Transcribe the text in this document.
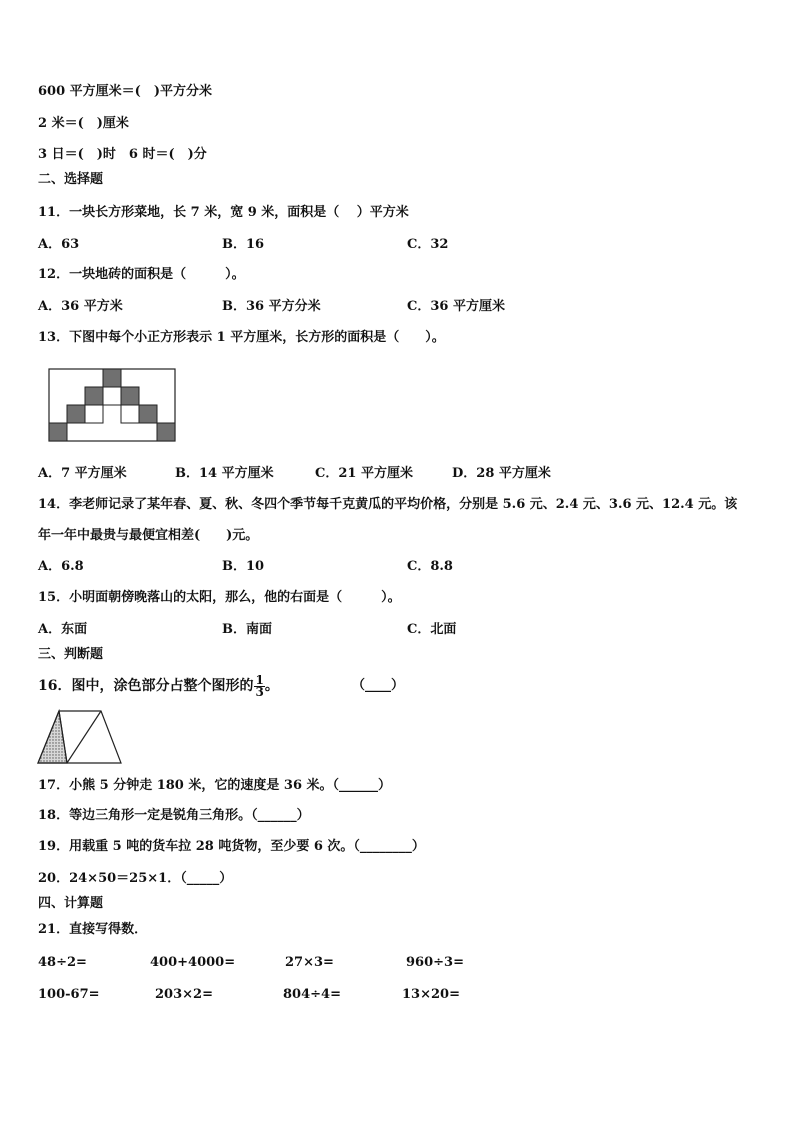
600 平方厘米＝(　)平方分米
2 米＝(　)厘米
3 日＝(　)时　6 时＝(　)分
二、选择题
11．一块长方形菜地，长 7 米，宽 9 米，面积是（　 ）平方米
A．63	B．16	C．32
12．一块地砖的面积是（　　　）。
A．36 平方米	B．36 平方分米	C．36 平方厘米
13．下图中每个小正方形表示 1 平方厘米，长方形的面积是（　　）。
A．7 平方厘米	B．14 平方厘米	C．21 平方厘米	D．28 平方厘米
14．李老师记录了某年春、夏、秋、冬四个季节每千克黄瓜的平均价格，分别是 5.6 元、2.4 元、3.6 元、12.4 元。该
年一年中最贵与最便宜相差(　　)元。
A．6.8	B．10	C．8.8
15．小明面朝傍晚落山的太阳，那么，他的右面是（　　　）。
A．东面	B．南面	C．北面
三、判断题
16．图中，涂色部分占整个图形的 $\frac{1}{3}$ 。	（____）
17．小熊 5 分钟走 180 米，它的速度是 36 米。（______）
18．等边三角形一定是锐角三角形。（______）
19．用载重 5 吨的货车拉 28 吨货物，至少要 6 次。（________）
20．24×50＝25×1．（_____）
四、计算题
21．直接写得数．
48÷2=	400+4000=	27×3=	960÷3=
100-67=	203×2=	804÷4=	13×20=
